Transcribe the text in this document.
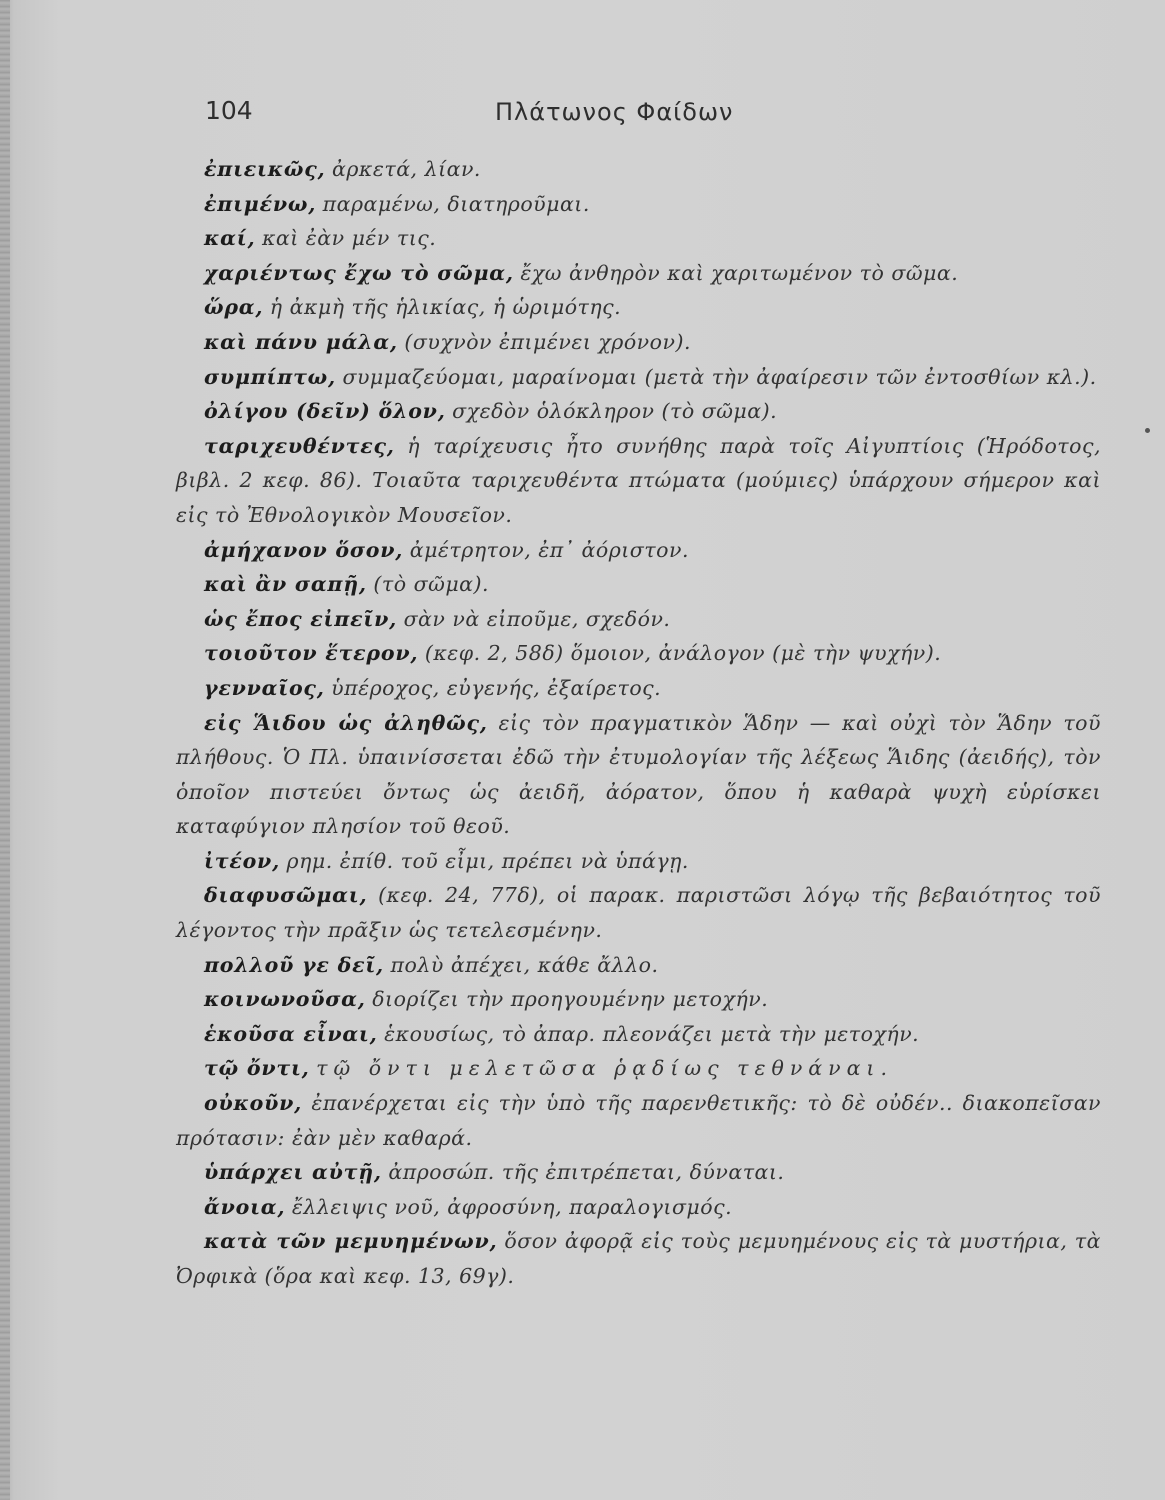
104	Πλάτωνος Φαίδων

ἐπιεικῶς, ἀρκετά, λίαν.

ἐπιμένω, παραμένω, διατηροῦμαι.

καί, καὶ ἐὰν μέν τις.

χαριέντως ἔχω τὸ σῶμα, ἔχω ἀνθηρὸν καὶ χαριτωμένον τὸ σῶμα.

ὥρα, ἡ ἀκμὴ τῆς ἡλικίας, ἡ ὡριμότης.

καὶ πάνυ μάλα, (συχνὸν ἐπιμένει χρόνον).

συμπίπτω, συμμαζεύομαι, μαραίνομαι (μετὰ τὴν ἀφαίρεσιν τῶν ἐντοσθίων κλ.).

ὀλίγου (δεῖν) ὅλον, σχεδὸν ὁλόκληρον (τὸ σῶμα).

ταριχευθέντες, ἡ ταρίχευσις ἦτο συνήθης παρὰ τοῖς Αἰγυπτίοις (Ἡρόδοτος, βιβλ. 2 κεφ. 86). Τοιαῦτα ταριχευθέντα πτώματα (μούμιες) ὑπάρχουν σήμερον καὶ εἰς τὸ Ἐθνολογικὸν Μουσεῖον.

ἀμήχανον ὅσον, ἀμέτρητον, ἐπ᾽ ἀόριστον.

καὶ ἂν σαπῇ, (τὸ σῶμα).

ὡς ἔπος εἰπεῖν, σὰν νὰ εἰποῦμε, σχεδόν.

τοιοῦτον ἕτερον, (κεφ. 2, 58δ) ὅμοιον, ἀνάλογον (μὲ τὴν ψυχήν).

γενναῖος, ὑπέροχος, εὐγενής, ἐξαίρετος.

εἰς Ἅιδου ὡς ἀληθῶς, εἰς τὸν πραγματικὸν Ἅδην — καὶ οὐχὶ τὸν Ἅδην τοῦ πλήθους. Ὁ Πλ. ὑπαινίσσεται ἐδῶ τὴν ἐτυμολογίαν τῆς λέξεως Ἅιδης (ἀειδής), τὸν ὁποῖον πιστεύει ὄντως ὡς ἀειδῆ, ἀόρατον, ὅπου ἡ καθαρὰ ψυχὴ εὑρίσκει καταφύγιον πλησίον τοῦ θεοῦ.

ἰτέον, ρημ. ἐπίθ. τοῦ εἶμι, πρέπει νὰ ὑπάγῃ.

διαφυσῶμαι, (κεφ. 24, 77δ), οἱ παρακ. παριστῶσι λόγῳ τῆς βεβαιότητος τοῦ λέγοντος τὴν πρᾶξιν ὡς τετελεσμένην.

πολλοῦ γε δεῖ, πολὺ ἀπέχει, κάθε ἄλλο.

κοινωνοῦσα, διορίζει τὴν προηγουμένην μετοχήν.

ἑκοῦσα εἶναι, ἑκουσίως, τὸ ἀπαρ. πλεονάζει μετὰ τὴν μετοχήν.

τῷ ὄντι, τῷ ὄντι μελετῶσα ῥᾳδίως τεθνάναι.

οὐκοῦν, ἐπανέρχεται εἰς τὴν ὑπὸ τῆς παρενθετικῆς: τὸ δὲ οὐδέν.. διακοπεῖσαν πρότασιν: ἐὰν μὲν καθαρά.

ὑπάρχει αὐτῇ, ἀπροσώπ. τῆς ἐπιτρέπεται, δύναται.

ἄνοια, ἔλλειψις νοῦ, ἀφροσύνη, παραλογισμός.

κατὰ τῶν μεμυημένων, ὅσον ἀφορᾷ εἰς τοὺς μεμυημένους εἰς τὰ μυστήρια, τὰ Ὀρφικὰ (ὅρα καὶ κεφ. 13, 69γ).
